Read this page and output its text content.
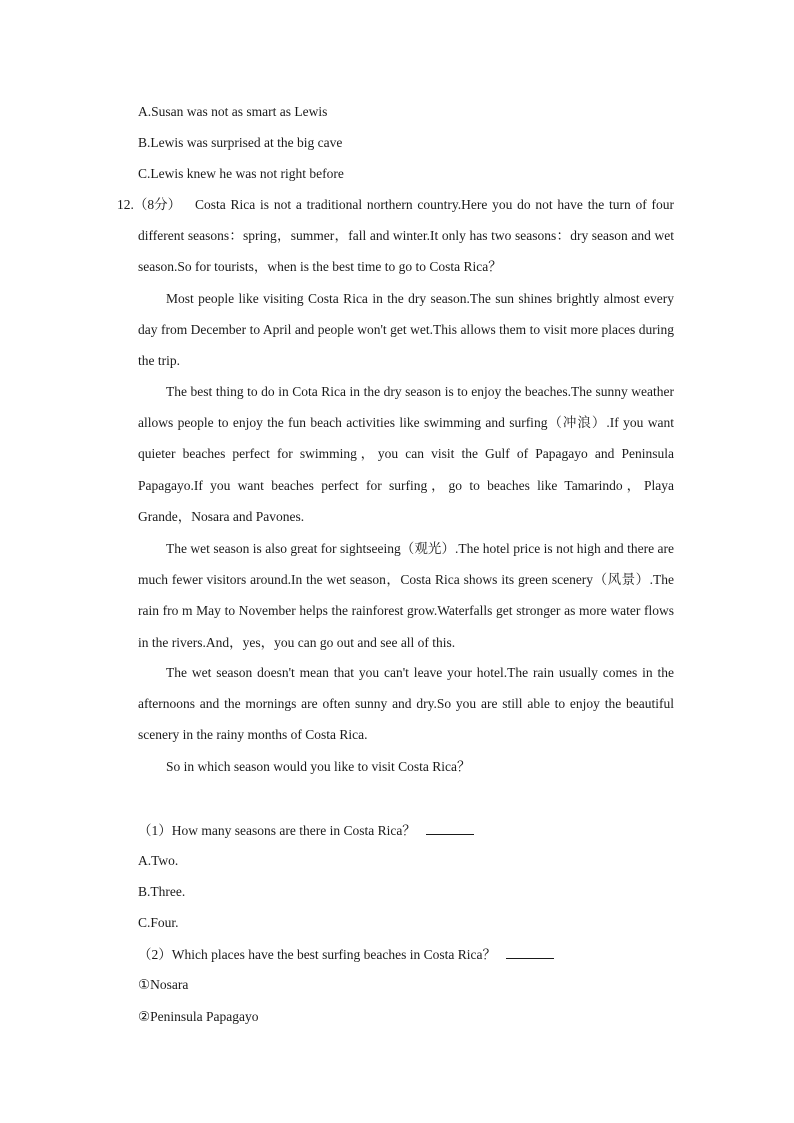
A.Susan was not as smart as Lewis
B.Lewis was surprised at the big cave
C.Lewis knew he was not right before
12.（8分）	Costa Rica is not a traditional northern country.Here you do not have the turn of four different seasons：spring，summer，fall and winter.It only has two seasons：dry season and wet season.So for tourists，when is the best time to go to Costa Rica？

Most people like visiting Costa Rica in the dry season.The sun shines brightly almost every day from December to April and people won't get wet.This allows them to visit more places during the trip.

The best thing to do in Cota Rica in the dry season is to enjoy the beaches.The sunny weather allows people to enjoy the fun beach activities like swimming and surfing（冲浪）.If you want quieter beaches perfect for swimming，you can visit the Gulf of Papagayo and Peninsula Papagayo.If you want beaches perfect for surfing，go to beaches like Tamarindo，Playa Grande，Nosara and Pavones.

The wet season is also great for sightseeing（观光）.The hotel price is not high and there are much fewer visitors around.In the wet season，Costa Rica shows its green scenery（风景）.The rain fro m May to November helps the rainforest grow.Waterfalls get stronger as more water flows in the rivers.And，yes，you can go out and see all of this.

The wet season doesn't mean that you can't leave your hotel.The rain usually comes in the afternoons and the mornings are often sunny and dry.So you are still able to enjoy the beautiful scenery in the rainy months of Costa Rica.

So in which season would you like to visit Costa Rica？

（1）How many seasons are there in Costa Rica？
A.Two.
B.Three.
C.Four.
（2）Which places have the best surfing beaches in Costa Rica？
①Nosara
②Peninsula Papagayo
